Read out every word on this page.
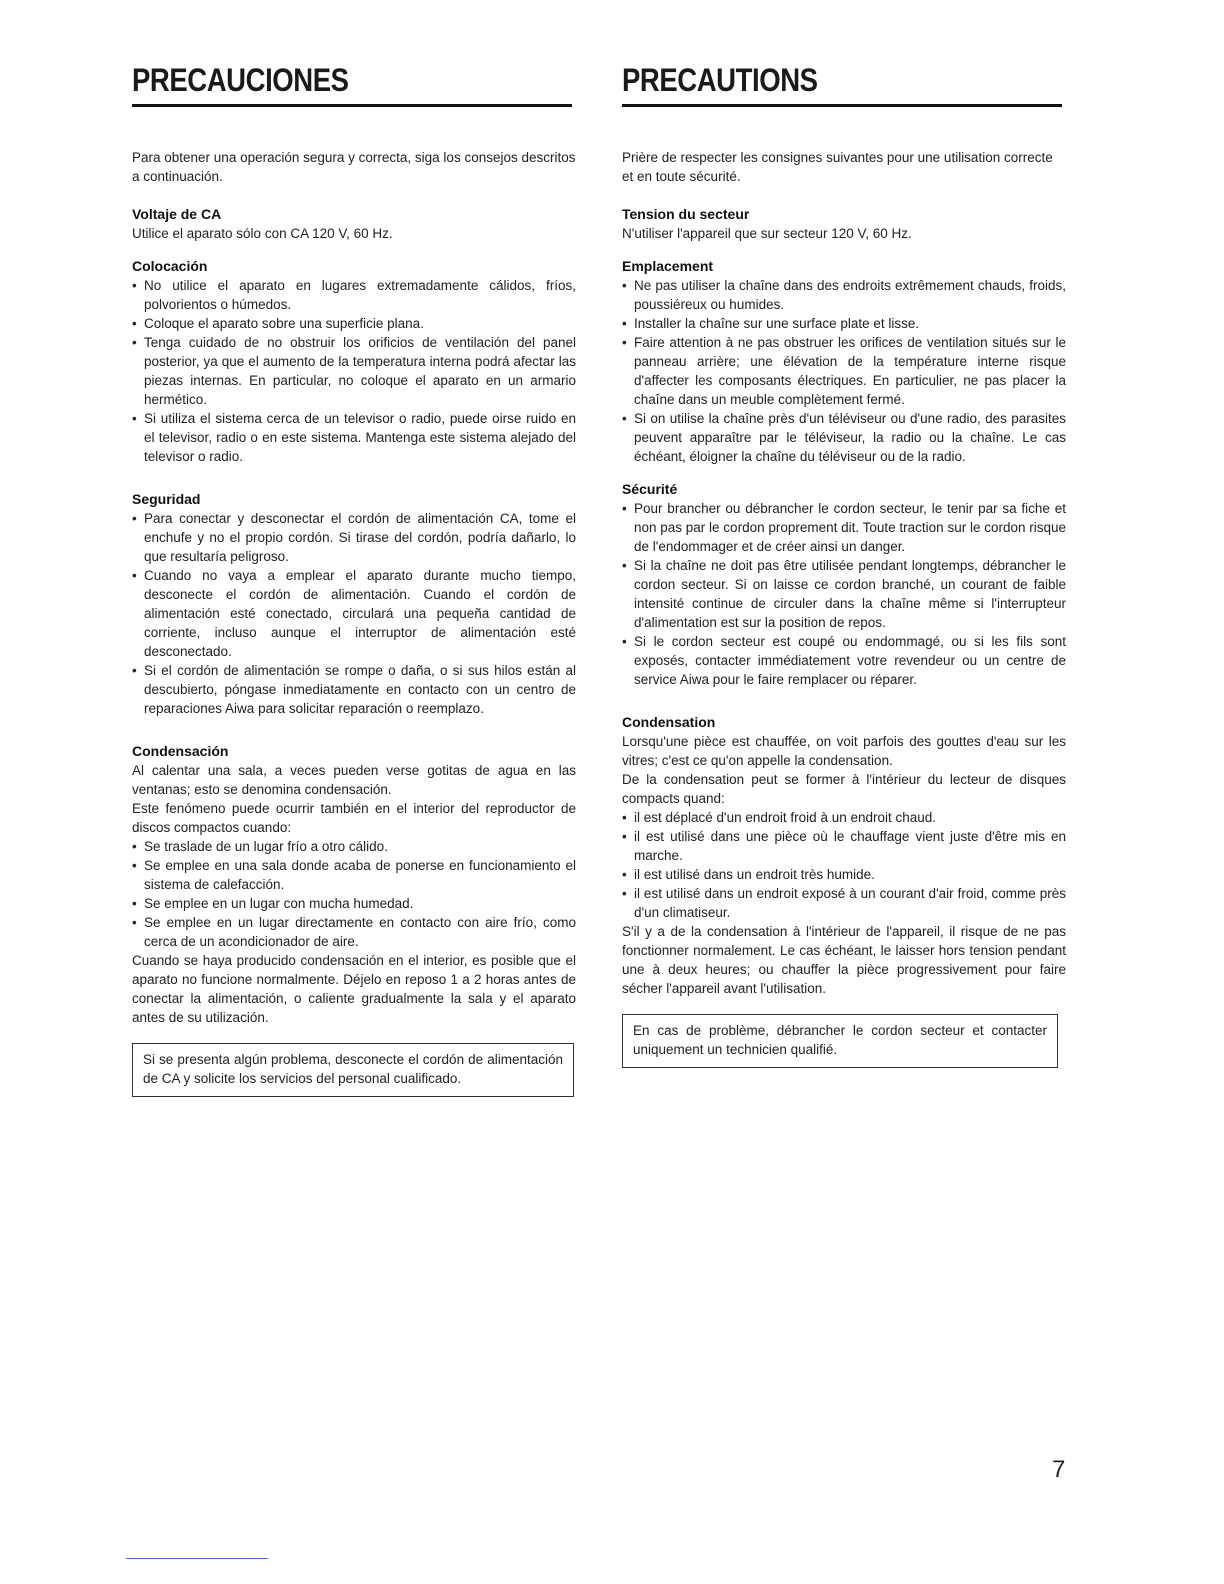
PRECAUCIONES

Para obtener una operación segura y correcta, siga los consejos descritos a continuación.

Voltaje de CA

Utilice el aparato sólo con CA 120 V, 60 Hz.

Colocación
• No utilice el aparato en lugares extremadamente cálidos, fríos, polvorientos o húmedos.
• Coloque el aparato sobre una superficie plana.
• Tenga cuidado de no obstruir los orificios de ventilación del panel posterior, ya que el aumento de la temperatura interna podrá afectar las piezas internas. En particular, no coloque el aparato en un armario hermético.
• Si utiliza el sistema cerca de un televisor o radio, puede oirse ruido en el televisor, radio o en este sistema. Mantenga este sistema alejado del televisor o radio.
Seguridad
• Para conectar y desconectar el cordón de alimentación CA, tome el enchufe y no el propio cordón. Si tirase del cordón, podría dañarlo, lo que resultaría peligroso.
• Cuando no vaya a emplear el aparato durante mucho tiempo, desconecte el cordón de alimentación. Cuando el cordón de alimentación esté conectado, circulará una pequeña cantidad de corriente, incluso aunque el interruptor de alimentación esté desconectado.
• Si el cordón de alimentación se rompe o daña, o si sus hilos están al descubierto, póngase inmediatamente en contacto con un centro de reparaciones Aiwa para solicitar reparación o reemplazo.
Condensación

Al calentar una sala, a veces pueden verse gotitas de agua en las ventanas; esto se denomina condensación.

Este fenómeno puede ocurrir también en el interior del reproductor de discos compactos cuando:

• Se traslade de un lugar frío a otro cálido.
• Se emplee en una sala donde acaba de ponerse en funcionamiento el sistema de calefacción.
• Se emplee en un lugar con mucha humedad.
• Se emplee en un lugar directamente en contacto con aire frío, como cerca de un acondicionador de aire.

Cuando se haya producido condensación en el interior, es posible que el aparato no funcione normalmente. Déjelo en reposo 1 a 2 horas antes de conectar la alimentación, o caliente gradualmente la sala y el aparato antes de su utilización.

Si se presenta algún problema, desconecte el cordón de alimentación de CA y solicite los servicios del personal cualificado.
PRECAUTIONS

Prière de respecter les consignes suivantes pour une utilisation correcte et en toute sécurité.

Tension du secteur

N'utiliser l'appareil que sur secteur 120 V, 60 Hz.

Emplacement
• Ne pas utiliser la chaîne dans des endroits extrêmement chauds, froids, poussiéreux ou humides.
• Installer la chaîne sur une surface plate et lisse.
• Faire attention à ne pas obstruer les orifices de ventilation situés sur le panneau arrière; une élévation de la température interne risque d'affecter les composants électriques. En particulier, ne pas placer la chaîne dans un meuble complètement fermé.
• Si on utilise la chaîne près d'un téléviseur ou d'une radio, des parasites peuvent apparaître par le téléviseur, la radio ou la chaîne. Le cas échéant, éloigner la chaîne du téléviseur ou de la radio.
Sécurité
• Pour brancher ou débrancher le cordon secteur, le tenir par sa fiche et non pas par le cordon proprement dit. Toute traction sur le cordon risque de l'endommager et de créer ainsi un danger.
• Si la chaîne ne doit pas être utilisée pendant longtemps, débrancher le cordon secteur. Si on laisse ce cordon branché, un courant de faible intensité continue de circuler dans la chaîne même si l'interrupteur d'alimentation est sur la position de repos.
• Si le cordon secteur est coupé ou endommagé, ou si les fils sont exposés, contacter immédiatement votre revendeur ou un centre de service Aiwa pour le faire remplacer ou réparer.
Condensation

Lorsqu'une pièce est chauffée, on voit parfois des gouttes d'eau sur les vitres; c'est ce qu'on appelle la condensation.

De la condensation peut se former à l'intérieur du lecteur de disques compacts quand:

• il est déplacé d'un endroit froid à un endroit chaud.
• il est utilisé dans une pièce où le chauffage vient juste d'être mis en marche.
• il est utilisé dans un endroit très humide.
• il est utilisé dans un endroit exposé à un courant d'air froid, comme près d'un climatiseur.

S'il y a de la condensation à l'intérieur de l'appareil, il risque de ne pas fonctionner normalement. Le cas échéant, le laisser hors tension pendant une à deux heures; ou chauffer la pièce progressivement pour faire sécher l'appareil avant l'utilisation.

En cas de problème, débrancher le cordon secteur et contacter uniquement un technicien qualifié.
7
